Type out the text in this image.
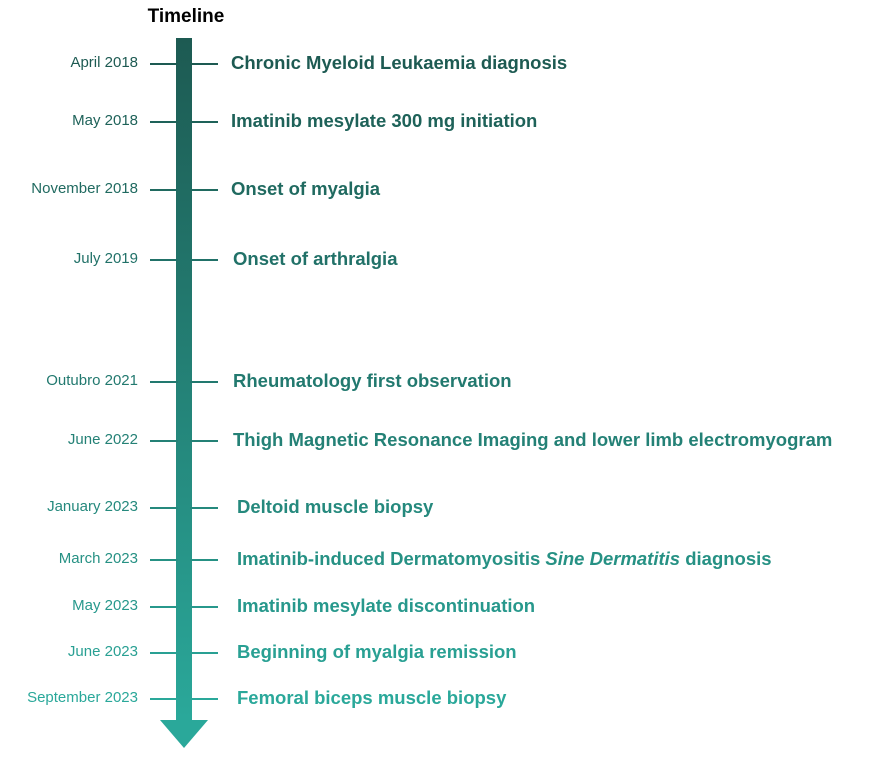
Timeline
April 2018	Chronic Myeloid Leukaemia diagnosis
May 2018	Imatinib mesylate 300 mg initiation
November 2018	Onset of myalgia
July 2019	Onset of arthralgia
Outubro 2021	Rheumatology first observation
June 2022	Thigh Magnetic Resonance Imaging and lower limb electromyogram
January 2023	Deltoid muscle biopsy
March 2023	Imatinib-induced Dermatomyositis Sine Dermatitis diagnosis
May 2023	Imatinib mesylate discontinuation
June 2023	Beginning of myalgia remission
September 2023	Femoral biceps muscle biopsy
